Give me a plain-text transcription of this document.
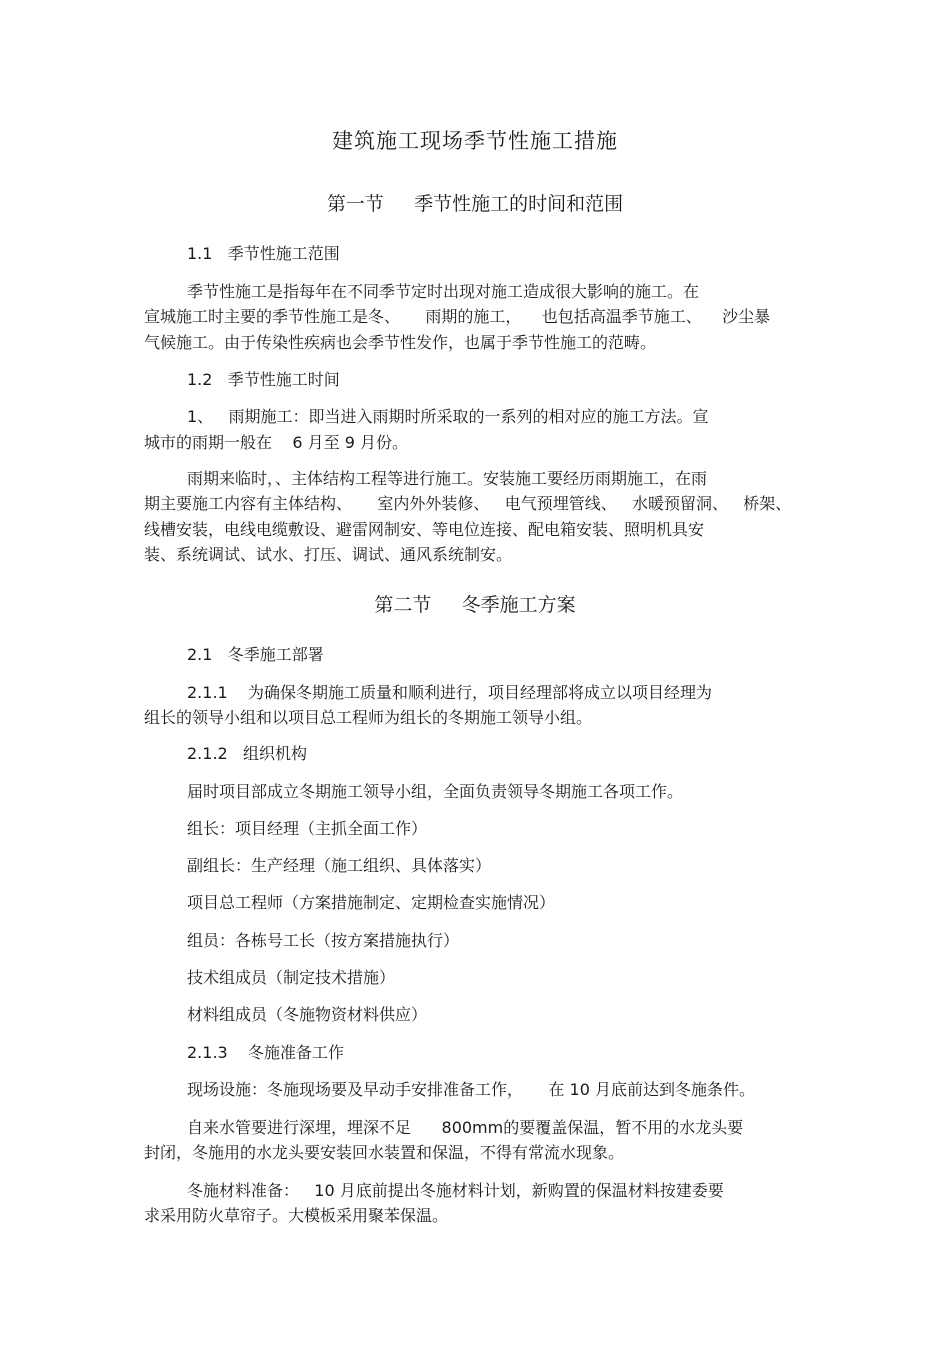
建筑施工现场季节性施工措施
第一节     季节性施工的时间和范围
1.1   季节性施工范围
季节性施工是指每年在不同季节定时出现对施工造成很大影响的施工。在
宣城施工时主要的季节性施工是冬、     雨期的施工，    也包括高温季节施工、    沙尘暴
气候施工。由于传染性疾病也会季节性发作，也属于季节性施工的范畴。
1.2   季节性施工时间
1、   雨期施工：即当进入雨期时所采取的一系列的相对应的施工方法。宣
城市的雨期一般在    6 月至 9 月份。
雨期来临时，、主体结构工程等进行施工。安装施工要经历雨期施工，在雨
期主要施工内容有主体结构、     室内外外装修、   电气预埋管线、   水暖预留洞、   桥架、
线槽安装，电线电缆敷设、避雷网制安、等电位连接、配电箱安装、照明机具安
装、系统调试、试水、打压、调试、通风系统制安。
第二节     冬季施工方案
2.1   冬季施工部署
2.1.1    为确保冬期施工质量和顺利进行，项目经理部将成立以项目经理为
组长的领导小组和以项目总工程师为组长的冬期施工领导小组。
2.1.2   组织机构
届时项目部成立冬期施工领导小组，全面负责领导冬期施工各项工作。
组长：项目经理（主抓全面工作）
副组长：生产经理（施工组织、具体落实）
项目总工程师（方案措施制定、定期检查实施情况）
组员：各栋号工长（按方案措施执行）
技术组成员（制定技术措施）
材料组成员（冬施物资材料供应）
2.1.3    冬施准备工作
现场设施：冬施现场要及早动手安排准备工作，     在 10 月底前达到冬施条件。
自来水管要进行深埋，埋深不足      800mm的要覆盖保温，暂不用的水龙头要
封闭，冬施用的水龙头要安装回水装置和保温，不得有常流水现象。
冬施材料准备：   10 月底前提出冬施材料计划，新购置的保温材料按建委要
求采用防火草帘子。大模板采用聚苯保温。
